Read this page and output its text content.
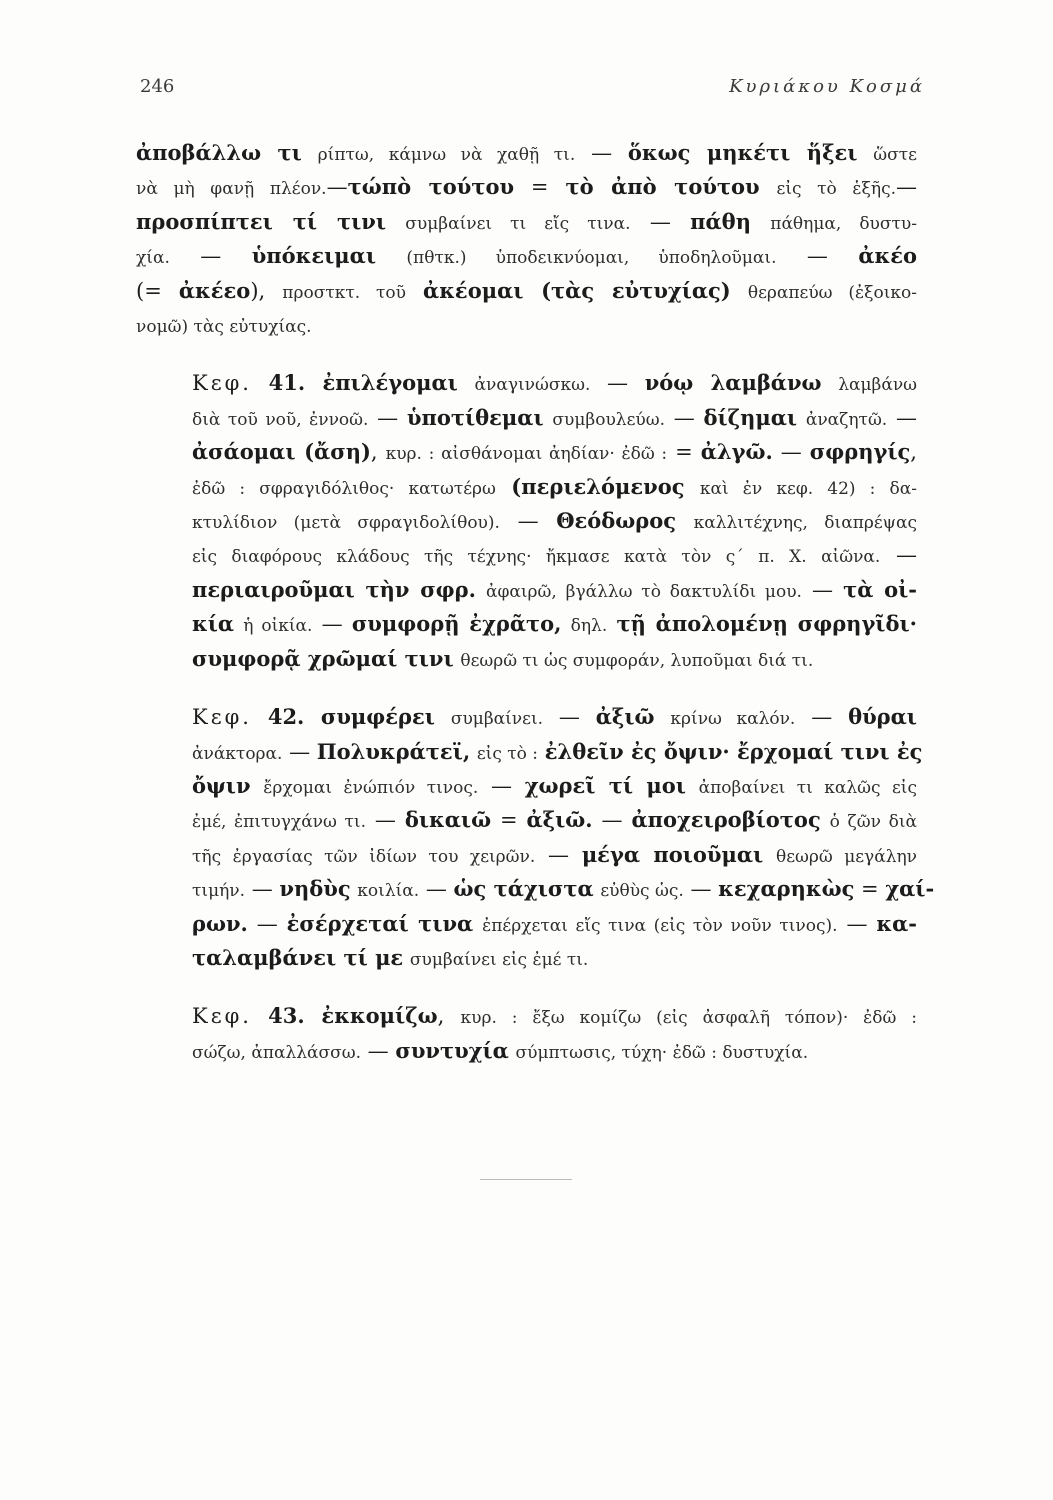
246	Κυριάκου Κοσμά

ἀποβάλλω τι ρίπτω, κάμνω νὰ χαθῇ τι. — ὅκως μηκέτι ἥξει ὥστε
νὰ μὴ φανῇ πλέον.—τώπὸ τούτου = τὸ ἀπὸ τούτου εἰς τὸ ἑξῆς.—
προσπίπτει τί τινι συμβαίνει τι εἴς τινα. — πάθη πάθημα, δυστυ-
χία. — ὑπόκειμαι (πθτκ.) ὑποδεικνύομαι, ὑποδηλοῦμαι. — ἀκέο
(= ἀκέεο), προστκτ. τοῦ ἀκέομαι (τὰς εὐτυχίας) θεραπεύω (ἐξοικο-
νομῶ) τὰς εὐτυχίας.

Κεφ. 41. ἐπιλέγομαι ἀναγινώσκω. — νόῳ λαμβάνω λαμβάνω
διὰ τοῦ νοῦ, ἐννοῶ. — ὑποτίθεμαι συμβουλεύω. — δίζημαι ἀναζητῶ. —
ἀσάομαι (ἄση), κυρ. : αἰσθάνομαι ἀηδίαν· ἐδῶ : = ἀλγῶ. — σφρηγίς,
ἐδῶ : σφραγιδόλιθος· κατωτέρω (περιελόμενος καὶ ἐν κεφ. 42) : δα-
κτυλίδιον (μετὰ σφραγιδολίθου). — Θεόδωρος καλλιτέχνης, διαπρέψας
εἰς διαφόρους κλάδους τῆς τέχνης· ἤκμασε κατὰ τὸν ς´ π. Χ. αἰῶνα. —
περιαιροῦμαι τὴν σφρ. ἀφαιρῶ, βγάλλω τὸ δακτυλίδι μου. — τὰ οἰ-
κία ἡ οἰκία. — συμφορῇ ἐχρᾶτο, δηλ. τῇ ἀπολομένῃ σφρηγῖδι·
συμφορᾷ χρῶμαί τινι θεωρῶ τι ὡς συμφοράν, λυποῦμαι διά τι.

Κεφ. 42. συμφέρει συμβαίνει. — ἀξιῶ κρίνω καλόν. — θύραι
ἀνάκτορα. — Πολυκράτεϊ, εἰς τὸ : ἐλθεῖν ἐς ὄψιν· ἔρχομαί τινι ἐς
ὄψιν ἔρχομαι ἐνώπιόν τινος. — χωρεῖ τί μοι ἀποβαίνει τι καλῶς εἰς
ἐμέ, ἐπιτυγχάνω τι. — δικαιῶ = ἀξιῶ. — ἀποχειροβίοτος ὁ ζῶν διὰ
τῆς ἐργασίας τῶν ἰδίων του χειρῶν. — μέγα ποιοῦμαι θεωρῶ μεγάλην
τιμήν. — νηδὺς κοιλία. — ὡς τάχιστα εὐθὺς ὡς. — κεχαρηκὼς = χαί-
ρων. — ἐσέρχεταί τινα ἐπέρχεται εἴς τινα (εἰς τὸν νοῦν τινος). — κα-
ταλαμβάνει τί με συμβαίνει εἰς ἐμέ τι.

Κεφ. 43. ἐκκομίζω, κυρ. : ἔξω κομίζω (εἰς ἀσφαλῆ τόπον)· ἐδῶ :
σώζω, ἀπαλλάσσω. — συντυχία σύμπτωσις, τύχη· ἐδῶ : δυστυχία.
